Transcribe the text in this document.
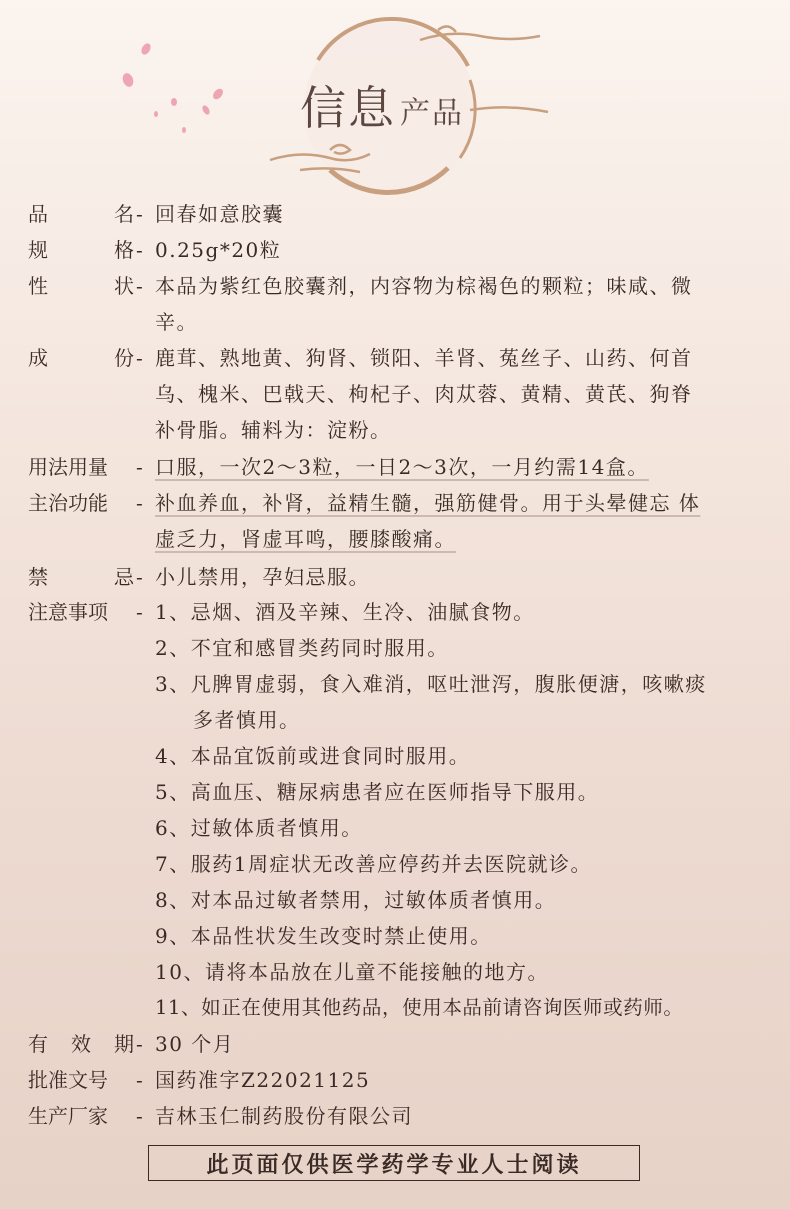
信息 产品
品	名 - 回春如意胶囊
规	格 - 0.25g*20粒
性	状 - 本品为紫红色胶囊剂，内容物为棕褐色的颗粒；味咸、微
辛。
成	份 - 鹿茸、熟地黄、狗肾、锁阳、羊肾、菟丝子、山药、何首
乌、槐米、巴戟天、枸杞子、肉苁蓉、黄精、黄芪、狗脊
补骨脂。辅料为：淀粉。
用法用量 - 口服，一次2～3粒，一日2～3次，一月约需14盒。
主治功能 - 补血养血，补肾，益精生髓，强筋健骨。用于头晕健忘 体
虚乏力，肾虚耳鸣，腰膝酸痛。
禁	忌 - 小儿禁用，孕妇忌服。
注意事项 - 1、忌烟、酒及辛辣、生冷、油腻食物。
2、不宜和感冒类药同时服用。
3、凡脾胃虚弱，食入难消，呕吐泄泻，腹胀便溏，咳嗽痰
多者慎用。
4、本品宜饭前或进食同时服用。
5、高血压、糖尿病患者应在医师指导下服用。
6、过敏体质者慎用。
7、服药1周症状无改善应停药并去医院就诊。
8、对本品过敏者禁用，过敏体质者慎用。
9、本品性状发生改变时禁止使用。
10、请将本品放在儿童不能接触的地方。
11、如正在使用其他药品，使用本品前请咨询医师或药师。
有 效 期 - 30 个月
批准文号 - 国药准字Z22021125
生产厂家 - 吉林玉仁制药股份有限公司
此页面仅供医学药学专业人士阅读
